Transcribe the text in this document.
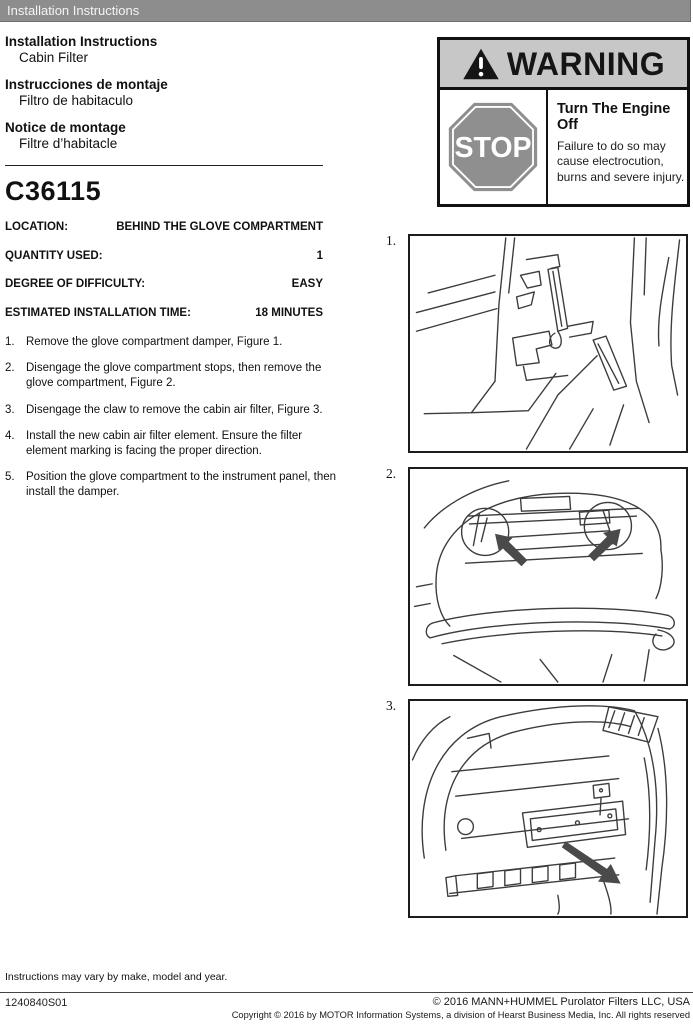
Installation Instructions
Installation Instructions
Cabin Filter
Instrucciones de montaje
Filtro de habitaculo
Notice de montage
Filtre d’habitacle
C36115
LOCATION:	BEHIND THE GLOVE COMPARTMENT
QUANTITY USED:	1
DEGREE OF DIFFICULTY:	EASY
ESTIMATED INSTALLATION TIME:	18 MINUTES
1. Remove the glove compartment damper, Figure 1.
2. Disengage the glove compartment stops, then remove the glove compartment, Figure 2.
3. Disengage the claw to remove the cabin air filter, Figure 3.
4. Install the new cabin air filter element. Ensure the filter element marking is facing the proper direction.
5. Position the glove compartment to the instrument panel, then install the damper.
WARNING
STOP
Turn The Engine Off
Failure to do so may cause electrocution, burns and severe injury.
1.
2.
3.
Instructions may vary by make, model and year.
1240840S01	© 2016 MANN+HUMMEL Purolator Filters LLC, USA
Copyright © 2016 by MOTOR Information Systems, a division of Hearst Business Media, Inc. All rights reserved
